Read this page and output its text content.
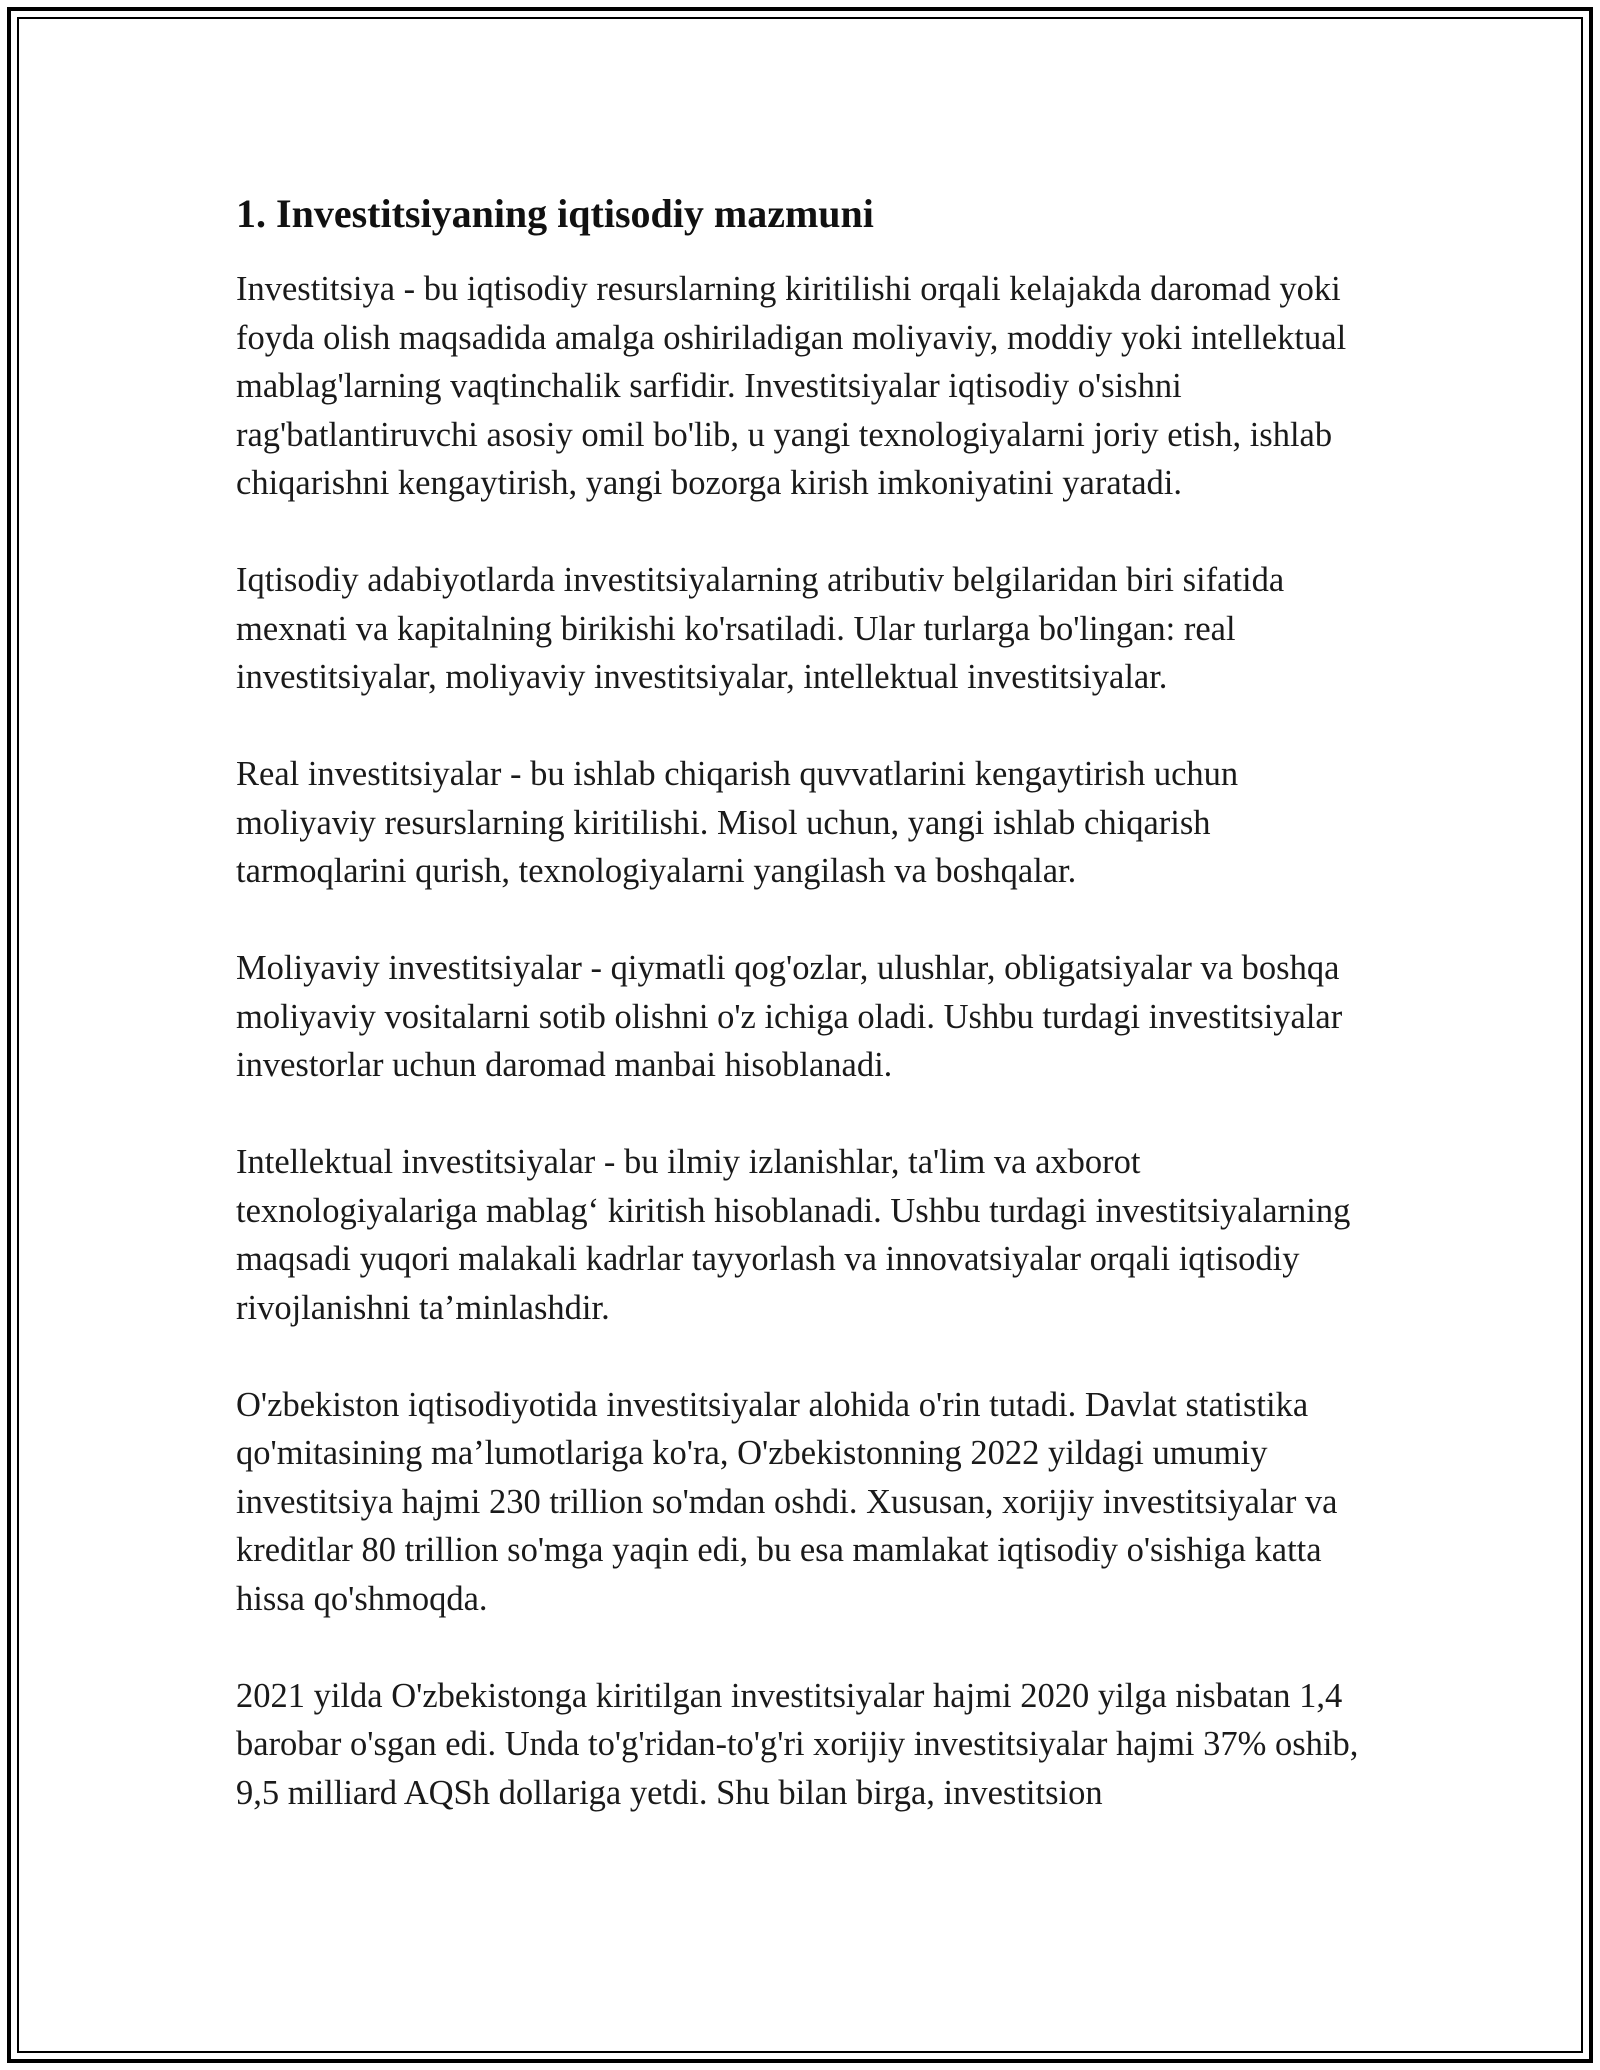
1. Investitsiyaning iqtisodiy mazmuni

Investitsiya - bu iqtisodiy resurslarning kiritilishi orqali kelajakda daromad yoki foyda olish maqsadida amalga oshiriladigan moliyaviy, moddiy yoki intellektual mablag'larning vaqtinchalik sarfidir. Investitsiyalar iqtisodiy o'sishni rag'batlantiruvchi asosiy omil bo'lib, u yangi texnologiyalarni joriy etish, ishlab chiqarishni kengaytirish, yangi bozorga kirish imkoniyatini yaratadi.

Iqtisodiy adabiyotlarda investitsiyalarning atributiv belgilaridan biri sifatida mexnati va kapitalning birikishi ko'rsatiladi. Ular turlarga bo'lingan: real investitsiyalar, moliyaviy investitsiyalar, intellektual investitsiyalar.

Real investitsiyalar - bu ishlab chiqarish quvvatlarini kengaytirish uchun moliyaviy resurslarning kiritilishi. Misol uchun, yangi ishlab chiqarish tarmoqlarini qurish, texnologiyalarni yangilash va boshqalar.

Moliyaviy investitsiyalar - qiymatli qog'ozlar, ulushlar, obligatsiyalar va boshqa moliyaviy vositalarni sotib olishni o'z ichiga oladi. Ushbu turdagi investitsiyalar investorlar uchun daromad manbai hisoblanadi.

Intellektual investitsiyalar - bu ilmiy izlanishlar, ta'lim va axborot texnologiyalariga mablag‘ kiritish hisoblanadi. Ushbu turdagi investitsiyalarning maqsadi yuqori malakali kadrlar tayyorlash va innovatsiyalar orqali iqtisodiy rivojlanishni ta’minlashdir.

O'zbekiston iqtisodiyotida investitsiyalar alohida o'rin tutadi. Davlat statistika qo'mitasining ma’lumotlariga ko'ra, O'zbekistonning 2022 yildagi umumiy investitsiya hajmi 230 trillion so'mdan oshdi. Xususan, xorijiy investitsiyalar va kreditlar 80 trillion so'mga yaqin edi, bu esa mamlakat iqtisodiy o'sishiga katta hissa qo'shmoqda.

2021 yilda O'zbekistonga kiritilgan investitsiyalar hajmi 2020 yilga nisbatan 1,4 barobar o'sgan edi. Unda to'g'ridan-to'g'ri xorijiy investitsiyalar hajmi 37% oshib, 9,5 milliard AQSh dollariga yetdi. Shu bilan birga, investitsion
